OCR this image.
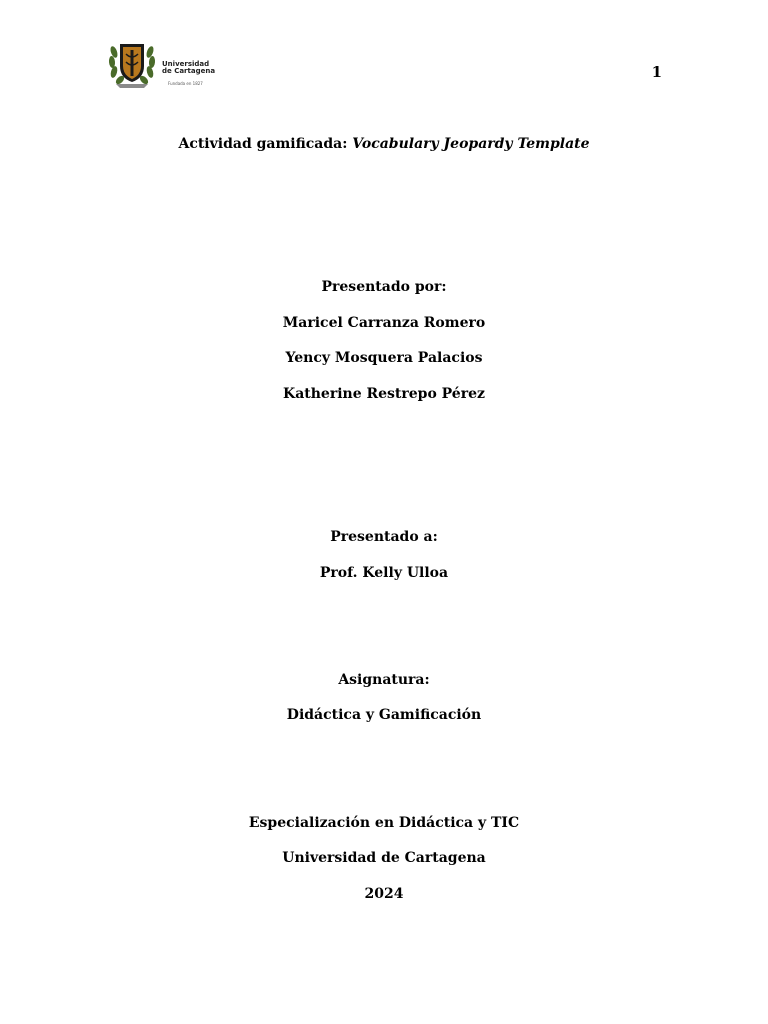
Universidad
de Cartagena
Fundada en 1827
1
Actividad gamificada: Vocabulary Jeopardy Template
Presentado por:
Maricel Carranza Romero
Yency Mosquera Palacios
Katherine Restrepo Pérez
Presentado a:
Prof. Kelly Ulloa
Asignatura:
Didáctica y Gamificación
Especialización en Didáctica y TIC
Universidad de Cartagena
2024
